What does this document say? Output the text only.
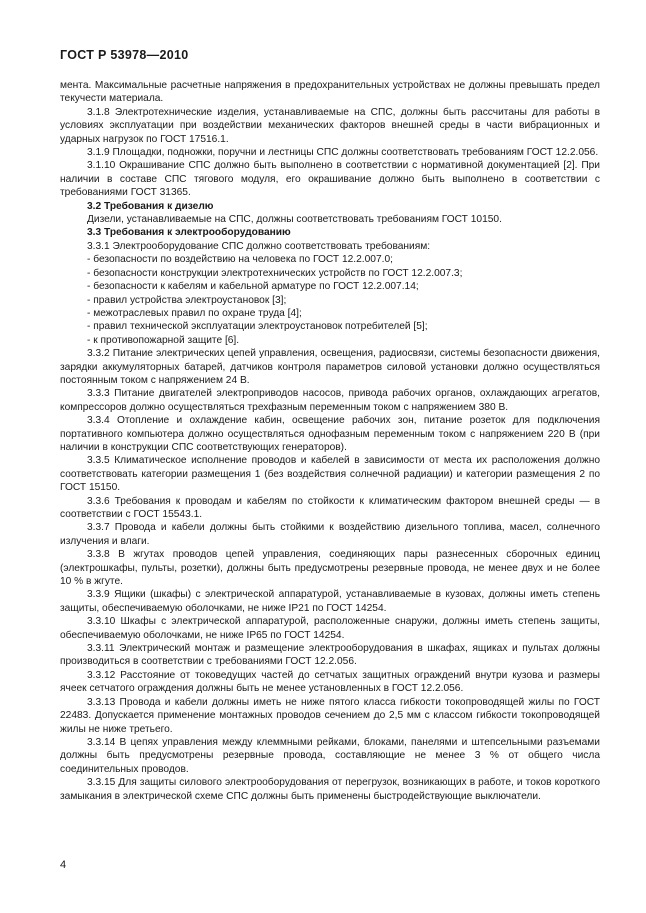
ГОСТ Р 53978—2010

мента. Максимальные расчетные напряжения в предохранительных устройствах не должны превышать предел текучести материала.

3.1.8 Электротехнические изделия, устанавливаемые на СПС, должны быть рассчитаны для работы в условиях эксплуатации при воздействии механических факторов внешней среды в части вибрационных и ударных нагрузок по ГОСТ 17516.1.

3.1.9 Площадки, подножки, поручни и лестницы СПС должны соответствовать требованиям ГОСТ 12.2.056.

3.1.10 Окрашивание СПС должно быть выполнено в соответствии с нормативной документацией [2]. При наличии в составе СПС тягового модуля, его окрашивание должно быть выполнено в соответствии с требованиями ГОСТ 31365.

3.2 Требования к дизелю

Дизели, устанавливаемые на СПС, должны соответствовать требованиям ГОСТ 10150.

3.3 Требования к электрооборудованию

3.3.1 Электрооборудование СПС должно соответствовать требованиям:

- безопасности по воздействию на человека по ГОСТ 12.2.007.0;

- безопасности конструкции электротехнических устройств по ГОСТ 12.2.007.3;

- безопасности к кабелям и кабельной арматуре по ГОСТ 12.2.007.14;

- правил устройства электроустановок [3];

- межотраслевых правил по охране труда [4];

- правил технической эксплуатации электроустановок потребителей [5];

- к противопожарной защите [6].

3.3.2 Питание электрических цепей управления, освещения, радиосвязи, системы безопасности движения, зарядки аккумуляторных батарей, датчиков контроля параметров силовой установки должно осуществляться постоянным током с напряжением 24 В.

3.3.3 Питание двигателей электроприводов насосов, привода рабочих органов, охлаждающих агрегатов, компрессоров должно осуществляться трехфазным переменным током с напряжением 380 В.

3.3.4 Отопление и охлаждение кабин, освещение рабочих зон, питание розеток для подключения портативного компьютера должно осуществляться однофазным переменным током с напряжением 220 В (при наличии в конструкции СПС соответствующих генераторов).

3.3.5 Климатическое исполнение проводов и кабелей в зависимости от места их расположения должно соответствовать категории размещения 1 (без воздействия солнечной радиации) и категории размещения 2 по ГОСТ 15150.

3.3.6 Требования к проводам и кабелям по стойкости к климатическим фактором внешней среды — в соответствии с ГОСТ 15543.1.

3.3.7 Провода и кабели должны быть стойкими к воздействию дизельного топлива, масел, солнечного излучения и влаги.

3.3.8 В жгутах проводов цепей управления, соединяющих пары разнесенных сборочных единиц (электрошкафы, пульты, розетки), должны быть предусмотрены резервные провода, не менее двух и не более 10 % в жгуте.

3.3.9 Ящики (шкафы) с электрической аппаратурой, устанавливаемые в кузовах, должны иметь степень защиты, обеспечиваемую оболочками, не ниже IP21 по ГОСТ 14254.

3.3.10 Шкафы с электрической аппаратурой, расположенные снаружи, должны иметь степень защиты, обеспечиваемую оболочками, не ниже IP65 по ГОСТ 14254.

3.3.11 Электрический монтаж и размещение электрооборудования в шкафах, ящиках и пультах должны производиться в соответствии с требованиями ГОСТ 12.2.056.

3.3.12 Расстояние от токоведущих частей до сетчатых защитных ограждений внутри кузова и размеры ячеек сетчатого ограждения должны быть не менее установленных в ГОСТ 12.2.056.

3.3.13 Провода и кабели должны иметь не ниже пятого класса гибкости токопроводящей жилы по ГОСТ 22483. Допускается применение монтажных проводов сечением до 2,5 мм с классом гибкости токопроводящей жилы не ниже третьего.

3.3.14 В цепях управления между клеммными рейками, блоками, панелями и штепсельными разъемами должны быть предусмотрены резервные провода, составляющие не менее 3 % от общего числа соединительных проводов.

3.3.15 Для защиты силового электрооборудования от перегрузок, возникающих в работе, и токов короткого замыкания в электрической схеме СПС должны быть применены быстродействующие выключатели.

4
